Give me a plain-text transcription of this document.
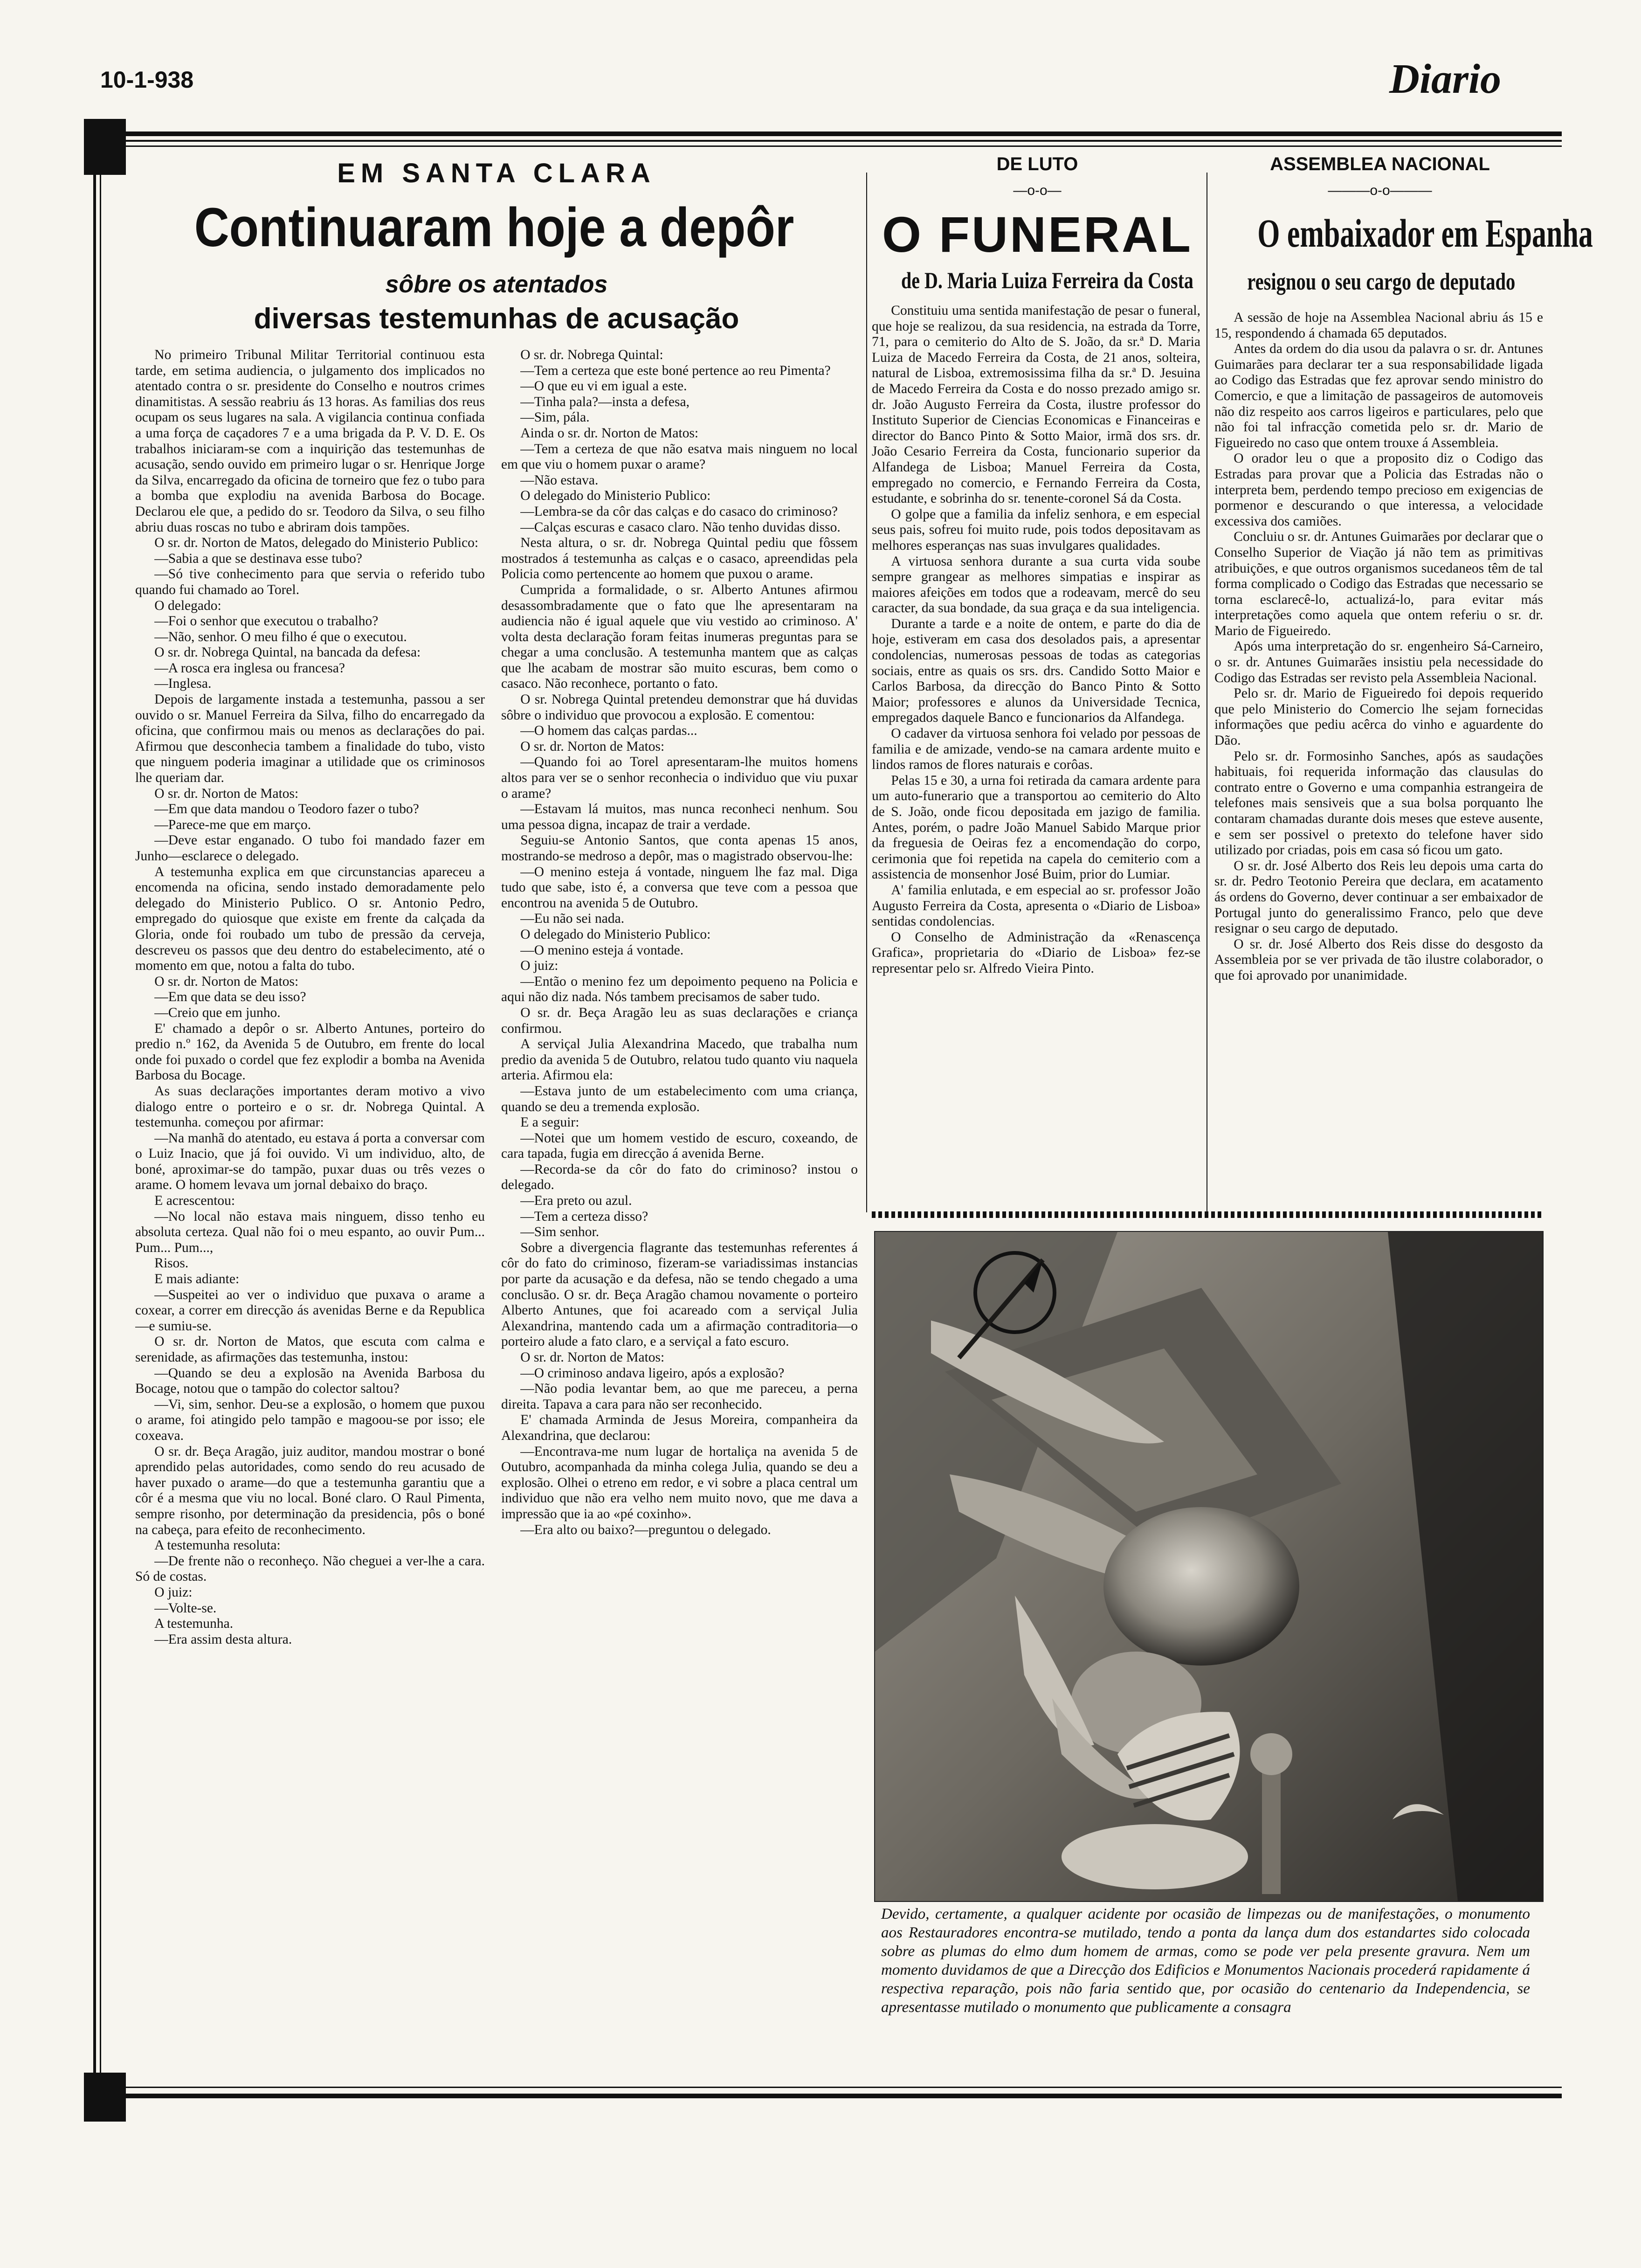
10-1-938	Diario
EM SANTA CLARA
Continuaram hoje a depôr
sôbre os atentados
diversas testemunhas de acusação

No primeiro Tribunal Militar Territorial continuou esta tarde, em setima audiencia, o julgamento dos implicados no atentado contra o sr. presidente do Conselho e noutros crimes dinamitistas. A sessão reabriu ás 13 horas. As familias dos reus ocupam os seus lugares na sala. A vigilancia continua confiada a uma força de caçadores 7 e a uma brigada da P. V. D. E. Os trabalhos iniciaram-se com a inquirição das testemunhas de acusação, sendo ouvido em primeiro lugar o sr. Henrique Jorge da Silva, encarregado da oficina de torneiro que fez o tubo para a bomba que explodiu na avenida Barbosa do Bocage. Declarou ele que, a pedido do sr. Teodoro da Silva, o seu filho abriu duas roscas no tubo e abriram dois tampões.

O sr. dr. Norton de Matos, delegado do Ministerio Publico:

—Sabia a que se destinava esse tubo?

—Só tive conhecimento para que servia o referido tubo quando fui chamado ao Torel.

O delegado:

—Foi o senhor que executou o trabalho?

—Não, senhor. O meu filho é que o executou.

O sr. dr. Nobrega Quintal, na bancada da defesa:

—A rosca era inglesa ou francesa?

—Inglesa.

Depois de largamente instada a testemunha, passou a ser ouvido o sr. Manuel Ferreira da Silva, filho do encarregado da oficina, que confirmou mais ou menos as declarações do pai. Afirmou que desconhecia tambem a finalidade do tubo, visto que ninguem poderia imaginar a utilidade que os criminosos lhe queriam dar.

O sr. dr. Norton de Matos:

—Em que data mandou o Teodoro fazer o tubo?

—Parece-me que em março.

—Deve estar enganado. O tubo foi mandado fazer em Junho—esclarece o delegado.

A testemunha explica em que circunstancias apareceu a encomenda na oficina, sendo instado demoradamente pelo delegado do Ministerio Publico. O sr. Antonio Pedro, empregado do quiosque que existe em frente da calçada da Gloria, onde foi roubado um tubo de pressão da cerveja, descreveu os passos que deu dentro do estabelecimento, até o momento em que, notou a falta do tubo.

O sr. dr. Norton de Matos:

—Em que data se deu isso?

—Creio que em junho.

E' chamado a depôr o sr. Alberto Antunes, porteiro do predio n.º 162, da Avenida 5 de Outubro, em frente do local onde foi puxado o cordel que fez explodir a bomba na Avenida Barbosa du Bocage.

As suas declarações importantes deram motivo a vivo dialogo entre o porteiro e o sr. dr. Nobrega Quintal. A testemunha. começou por afirmar:

—Na manhã do atentado, eu estava á porta a conversar com o Luiz Inacio, que já foi ouvido. Vi um individuo, alto, de boné, aproximar-se do tampão, puxar duas ou três vezes o arame. O homem levava um jornal debaixo do braço.

E acrescentou:

—No local não estava mais ninguem, disso tenho eu absoluta certeza. Qual não foi o meu espanto, ao ouvir Pum... Pum... Pum...,

Risos.

E mais adiante:

—Suspeitei ao ver o individuo que puxava o arame a coxear, a correr em direcção ás avenidas Berne e da Republica—e sumiu-se.

O sr. dr. Norton de Matos, que escuta com calma e serenidade, as afirmações das testemunha, instou:

—Quando se deu a explosão na Avenida Barbosa du Bocage, notou que o tampão do colector saltou?

—Vi, sim, senhor. Deu-se a explosão, o homem que puxou o arame, foi atingido pelo tampão e magoou-se por isso; ele coxeava.

O sr. dr. Beça Aragão, juiz auditor, mandou mostrar o boné aprendido pelas autoridades, como sendo do reu acusado de haver puxado o arame—do que a testemunha garantiu que a côr é a mesma que viu no local. Boné claro. O Raul Pimenta, sempre risonho, por determinação da presidencia, pôs o boné na cabeça, para efeito de reconhecimento.

A testemunha resoluta:

—De frente não o reconheço. Não cheguei a ver-lhe a cara. Só de costas.

O juiz:

—Volte-se.

A testemunha.

—Era assim desta altura.

O sr. dr. Nobrega Quintal:

—Tem a certeza que este boné pertence ao reu Pimenta?

—O que eu vi em igual a este.

—Tinha pala?—insta a defesa,

—Sim, pála.

Ainda o sr. dr. Norton de Matos:

—Tem a certeza de que não esatva mais ninguem no local em que viu o homem puxar o arame?

—Não estava.

O delegado do Ministerio Publico:

—Lembra-se da côr das calças e do casaco do criminoso?

—Calças escuras e casaco claro. Não tenho duvidas disso.

Nesta altura, o sr. dr. Nobrega Quintal pediu que fôssem mostrados á testemunha as calças e o casaco, apreendidas pela Policia como pertencente ao homem que puxou o arame.

Cumprida a formalidade, o sr. Alberto Antunes afirmou desassombradamente que o fato que lhe apresentaram na audiencia não é igual aquele que viu vestido ao criminoso. A' volta desta declaração foram feitas inumeras preguntas para se chegar a uma conclusão. A testemunha mantem que as calças que lhe acabam de mostrar são muito escuras, bem como o casaco. Não reconhece, portanto o fato.

O sr. Nobrega Quintal pretendeu demonstrar que há duvidas sôbre o individuo que provocou a explosão. E comentou:

—O homem das calças pardas...

O sr. dr. Norton de Matos:

—Quando foi ao Torel apresentaram-lhe muitos homens altos para ver se o senhor reconhecia o individuo que viu puxar o arame?

—Estavam lá muitos, mas nunca reconheci nenhum. Sou uma pessoa digna, incapaz de trair a verdade.

Seguiu-se Antonio Santos, que conta apenas 15 anos, mostrando-se medroso a depôr, mas o magistrado observou-lhe:

—O menino esteja á vontade, ninguem lhe faz mal. Diga tudo que sabe, isto é, a conversa que teve com a pessoa que encontrou na avenida 5 de Outubro.

—Eu não sei nada.

O delegado do Ministerio Publico:

—O menino esteja á vontade.

O juiz:

—Então o menino fez um depoimento pequeno na Policia e aqui não diz nada. Nós tambem precisamos de saber tudo.

O sr. dr. Beça Aragão leu as suas declarações e criança confirmou.

A serviçal Julia Alexandrina Macedo, que trabalha num predio da avenida 5 de Outubro, relatou tudo quanto viu naquela arteria. Afirmou ela:

—Estava junto de um estabelecimento com uma criança, quando se deu a tremenda explosão.

E a seguir:

—Notei que um homem vestido de escuro, coxeando, de cara tapada, fugia em direcção á avenida Berne.

—Recorda-se da côr do fato do criminoso? instou o delegado.

—Era preto ou azul.

—Tem a certeza disso?

—Sim senhor.

Sobre a divergencia flagrante das testemunhas referentes á côr do fato do criminoso, fizeram-se variadissimas instancias por parte da acusação e da defesa, não se tendo chegado a uma conclusão. O sr. dr. Beça Aragão chamou novamente o porteiro Alberto Antunes, que foi acareado com a serviçal Julia Alexandrina, mantendo cada um a afirmação contraditoria—o porteiro alude a fato claro, e a serviçal a fato escuro.

O sr. dr. Norton de Matos:

—O criminoso andava ligeiro, após a explosão?

—Não podia levantar bem, ao que me pareceu, a perna direita. Tapava a cara para não ser reconhecido.

E' chamada Arminda de Jesus Moreira, companheira da Alexandrina, que declarou:

—Encontrava-me num lugar de hortaliça na avenida 5 de Outubro, acompanhada da minha colega Julia, quando se deu a explosão. Olhei o etreno em redor, e vi sobre a placa central um individuo que não era velho nem muito novo, que me dava a impressão que ia ao «pé coxinho».

—Era alto ou baixo?—preguntou o delegado.

DE LUTO
—o-o—
O FUNERAL
de D. Maria Luiza Ferreira da Costa

Constituiu uma sentida manifestação de pesar o funeral, que hoje se realizou, da sua residencia, na estrada da Torre, 71, para o cemiterio do Alto de S. João, da sr.ª D. Maria Luiza de Macedo Ferreira da Costa, de 21 anos, solteira, natural de Lisboa, extremosissima filha da sr.ª D. Jesuina de Macedo Ferreira da Costa e do nosso prezado amigo sr. dr. João Augusto Ferreira da Costa, ilustre professor do Instituto Superior de Ciencias Economicas e Financeiras e director do Banco Pinto & Sotto Maior, irmã dos srs. dr. João Cesario Ferreira da Costa, funcionario superior da Alfandega de Lisboa; Manuel Ferreira da Costa, empregado no comercio, e Fernando Ferreira da Costa, estudante, e sobrinha do sr. tenente-coronel Sá da Costa.

O golpe que a familia da infeliz senhora, e em especial seus pais, sofreu foi muito rude, pois todos depositavam as melhores esperanças nas suas invulgares qualidades.

A virtuosa senhora durante a sua curta vida soube sempre grangear as melhores simpatias e inspirar as maiores afeições em todos que a rodeavam, mercê do seu caracter, da sua bondade, da sua graça e da sua inteligencia.

Durante a tarde e a noite de ontem, e parte do dia de hoje, estiveram em casa dos desolados pais, a apresentar condolencias, numerosas pessoas de todas as categorias sociais, entre as quais os srs. drs. Candido Sotto Maior e Carlos Barbosa, da direcção do Banco Pinto & Sotto Maior; professores e alunos da Universidade Tecnica, empregados daquele Banco e funcionarios da Alfandega.

O cadaver da virtuosa senhora foi velado por pessoas de familia e de amizade, vendo-se na camara ardente muito e lindos ramos de flores naturais e corôas.

Pelas 15 e 30, a urna foi retirada da camara ardente para um auto-funerario que a transportou ao cemiterio do Alto de S. João, onde ficou depositada em jazigo de familia. Antes, porém, o padre João Manuel Sabido Marque prior da freguesia de Oeiras fez a encomendação do corpo, cerimonia que foi repetida na capela do cemiterio com a assistencia de monsenhor José Buim, prior do Lumiar.

A' familia enlutada, e em especial ao sr. professor João Augusto Ferreira da Costa, apresenta o «Diario de Lisboa» sentidas condolencias.

O Conselho de Administração da «Renascença Grafica», proprietaria do «Diario de Lisboa» fez-se representar pelo sr. Alfredo Vieira Pinto.

ASSEMBLEA NACIONAL
———o-o———
O embaixador em Espanha
resignou o seu cargo de deputado

A sessão de hoje na Assemblea Nacional abriu ás 15 e 15, respondendo á chamada 65 deputados.

Antes da ordem do dia usou da palavra o sr. dr. Antunes Guimarães para declarar ter a sua responsabilidade ligada ao Codigo das Estradas que fez aprovar sendo ministro do Comercio, e que a limitação de passageiros de automoveis não diz respeito aos carros ligeiros e particulares, pelo que não foi tal infracção cometida pelo sr. dr. Mario de Figueiredo no caso que ontem trouxe á Assembleia.

O orador leu o que a proposito diz o Codigo das Estradas para provar que a Policia das Estradas não o interpreta bem, perdendo tempo precioso em exigencias de pormenor e descurando o que interessa, a velocidade excessiva dos camiões.

Concluiu o sr. dr. Antunes Guimarães por declarar que o Conselho Superior de Viação já não tem as primitivas atribuições, e que outros organismos sucedaneos têm de tal forma complicado o Codigo das Estradas que necessario se torna esclarecê-lo, actualizá-lo, para evitar más interpretações como aquela que ontem referiu o sr. dr. Mario de Figueiredo.

Após uma interpretação do sr. engenheiro Sá-Carneiro, o sr. dr. Antunes Guimarães insistiu pela necessidade do Codigo das Estradas ser revisto pela Assembleia Nacional.

Pelo sr. dr. Mario de Figueiredo foi depois requerido que pelo Ministerio do Comercio lhe sejam fornecidas informações que pediu acêrca do vinho e aguardente do Dão.

Pelo sr. dr. Formosinho Sanches, após as saudações habituais, foi requerida informação das clausulas do contrato entre o Governo e uma companhia estrangeira de telefones mais sensiveis que a sua bolsa porquanto lhe contaram chamadas durante dois meses que esteve ausente, e sem ser possivel o pretexto do telefone haver sido utilizado por criadas, pois em casa só ficou um gato.

O sr. dr. José Alberto dos Reis leu depois uma carta do sr. dr. Pedro Teotonio Pereira que declara, em acatamento ás ordens do Governo, dever continuar a ser embaixador de Portugal junto do generalissimo Franco, pelo que deve resignar o seu cargo de deputado.

O sr. dr. José Alberto dos Reis disse do desgosto da Assembleia por se ver privada de tão ilustre colaborador, o que foi aprovado por unanimidade.

Devido, certamente, a qualquer acidente por ocasião de limpezas ou de manifestações, o monumento aos Restauradores encontra-se mutilado, tendo a ponta da lança dum dos estandartes sido colocada sobre as plumas do elmo dum homem de armas, como se pode ver pela presente gravura. Nem um momento duvidamos de que a Direcção dos Edificios e Monumentos Nacionais procederá rapidamente á respectiva reparação, pois não faria sentido que, por ocasião do centenario da Independencia, se apresentasse mutilado o monumento que publicamente a consagra
